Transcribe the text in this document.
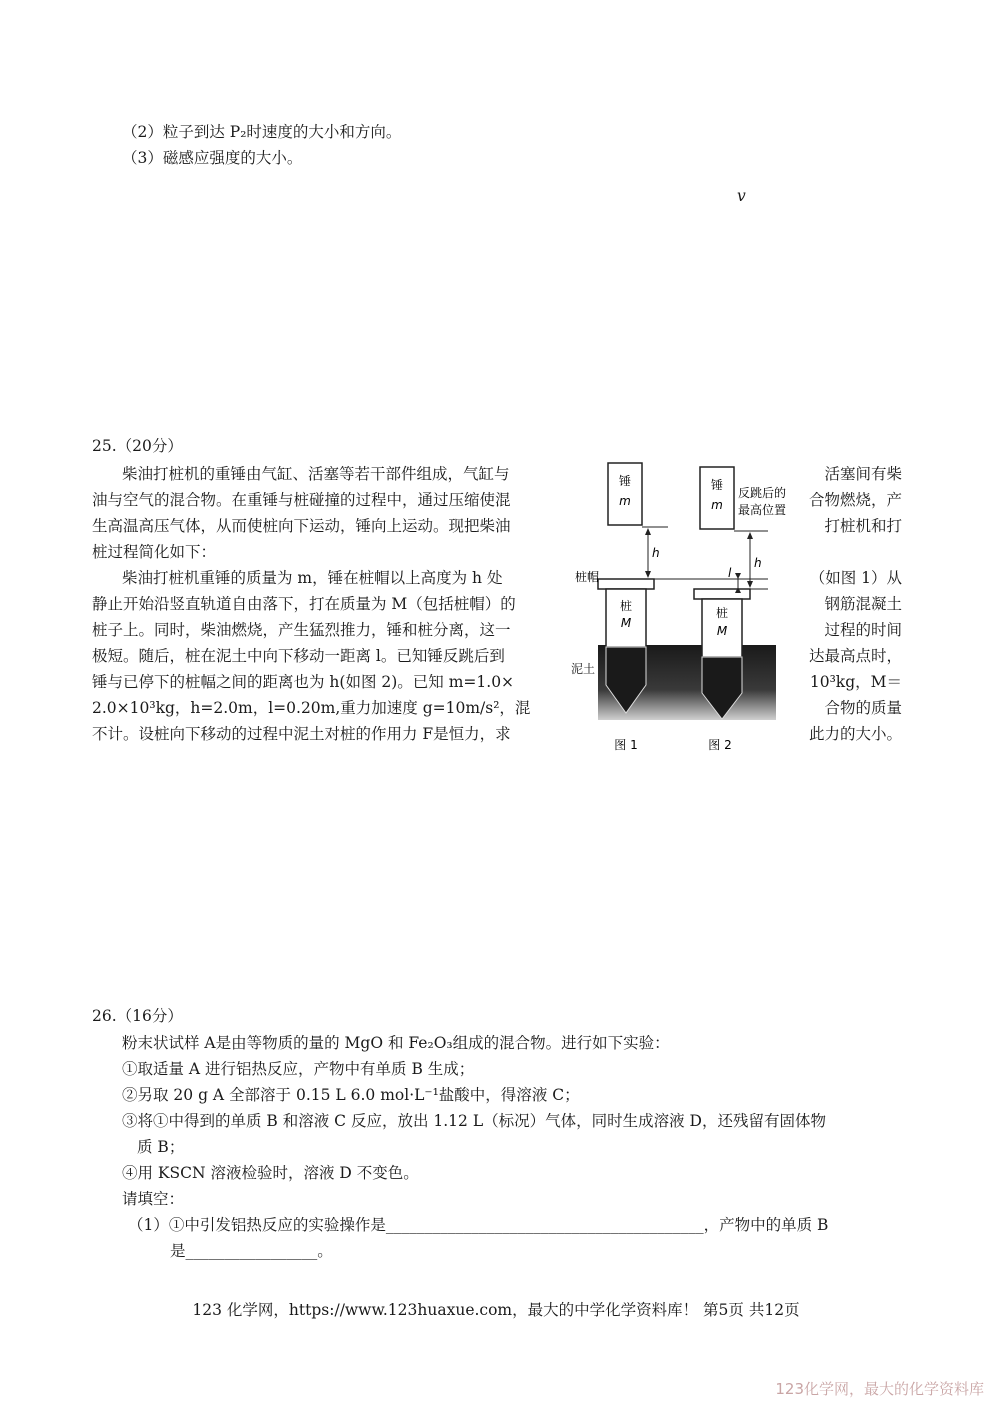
（2）粒子到达 P₂时速度的大小和方向。
（3）磁感应强度的大小。
v
25.（20分）
柴油打桩机的重锤由气缸、活塞等若干部件组成，气缸与
油与空气的混合物。在重锤与桩碰撞的过程中，通过压缩使混
生高温高压气体，从而使桩向下运动，锤向上运动。现把柴油
桩过程简化如下：
柴油打桩机重锤的质量为 m，锤在桩帽以上高度为 h 处
静止开始沿竖直轨道自由落下，打在质量为 M（包括桩帽）的
桩子上。同时，柴油燃烧，产生猛烈推力，锤和桩分离，这一
极短。随后，桩在泥土中向下移动一距离 l。已知锤反跳后到
锤与已停下的桩幅之间的距离也为 h(如图 2)。已知 m=1.0×
2.0×10³kg，h=2.0m，l=0.20m,重力加速度 g=10m/s²，混
不计。设桩向下移动的过程中泥土对桩的作用力 F是恒力，求
活塞间有柴
合物燃烧，产
打桩机和打
（如图 1）从
钢筋混凝土
过程的时间
达最高点时，
10³kg，M＝
合物的质量
此力的大小。
锤
m
桩
M
桩帽
泥土
h
锤
m
反跳后的
最高位置
桩
M
h
l
图 1	图 2
26.（16分）
粉末状试样 A是由等物质的量的 MgO 和 Fe₂O₃组成的混合物。进行如下实验：
①取适量 A 进行铝热反应，产物中有单质 B 生成；
②另取 20 g A 全部溶于 0.15 L 6.0 mol·L⁻¹盐酸中，得溶液 C；
③将①中得到的单质 B 和溶液 C 反应，放出 1.12 L（标况）气体，同时生成溶液 D，还残留有固体物
质 B；
④用 KSCN 溶液检验时，溶液 D 不变色。
请填空：
（1）①中引发铝热反应的实验操作是_________________________________________，产物中的单质 B
是_________________。
123 化学网，https://www.123huaxue.com，最大的中学化学资料库！ 第5页 共12页
123化学网，最大的化学资料库
